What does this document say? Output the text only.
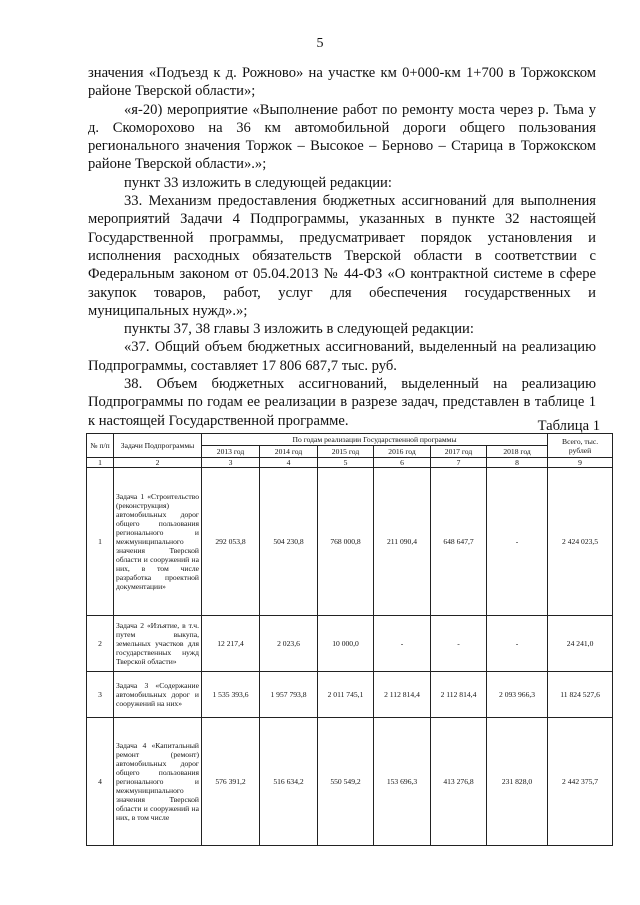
5

значения «Подъезд к д. Рожново» на участке км 0+000-км 1+700 в Торжокском районе Тверской области»;

«я-20) мероприятие «Выполнение работ по ремонту моста через р. Тьма у д. Скоморохово на 36 км автомобильной дороги общего пользования регионального значения Торжок – Высокое – Берново – Старица в Торжокском районе Тверской области».»;

пункт 33 изложить в следующей редакции:

33. Механизм предоставления бюджетных ассигнований для выполнения мероприятий Задачи 4 Подпрограммы, указанных в пункте 32 настоящей Государственной программы, предусматривает порядок установления и исполнения расходных обязательств Тверской области в соответствии с Федеральным законом от 05.04.2013 № 44-ФЗ «О контрактной системе в сфере закупок товаров, работ, услуг для обеспечения государственных и муниципальных нужд».»;

пункты 37, 38 главы 3 изложить в следующей редакции:

«37. Общий объем бюджетных ассигнований, выделенный на реализацию Подпрограммы, составляет 17 806 687,7 тыс. руб.

38. Объем бюджетных ассигнований, выделенный на реализацию Подпрограммы по годам ее реализации в разрезе задач, представлен в таблице 1 к настоящей Государственной программе.	Таблица 1
№ п/п	Задачи Подпрограммы	По годам реализации Государственной программы						Всего, тыс. рублей
		2013 год	2014 год	2015 год	2016 год	2017 год	2018 год	
1	2	3	4	5	6	7	8	9
1	Задача 1 «Строительство (реконструкция) автомобильных дорог общего пользования регионального и межмуниципального значения Тверской области и сооружений на них, в том числе разработка проектной документации»	292 053,8	504 230,8	768 000,8	211 090,4	648 647,7	-	2 424 023,5
2	Задача 2 «Изъятие, в т.ч. путем выкупа, земельных участков для государственных нужд Тверской области»	12 217,4	2 023,6	10 000,0	-	-	-	24 241,0
3	Задача 3 «Содержание автомобильных дорог и сооружений на них»	1 535 393,6	1 957 793,8	2 011 745,1	2 112 814,4	2 112 814,4	2 093 966,3	11 824 527,6
4	Задача 4 «Капитальный ремонт (ремонт) автомобильных дорог общего пользования регионального и межмуниципального значения Тверской области и сооружений на них, в том числе	576 391,2	516 634,2	550 549,2	153 696,3	413 276,8	231 828,0	2 442 375,7
